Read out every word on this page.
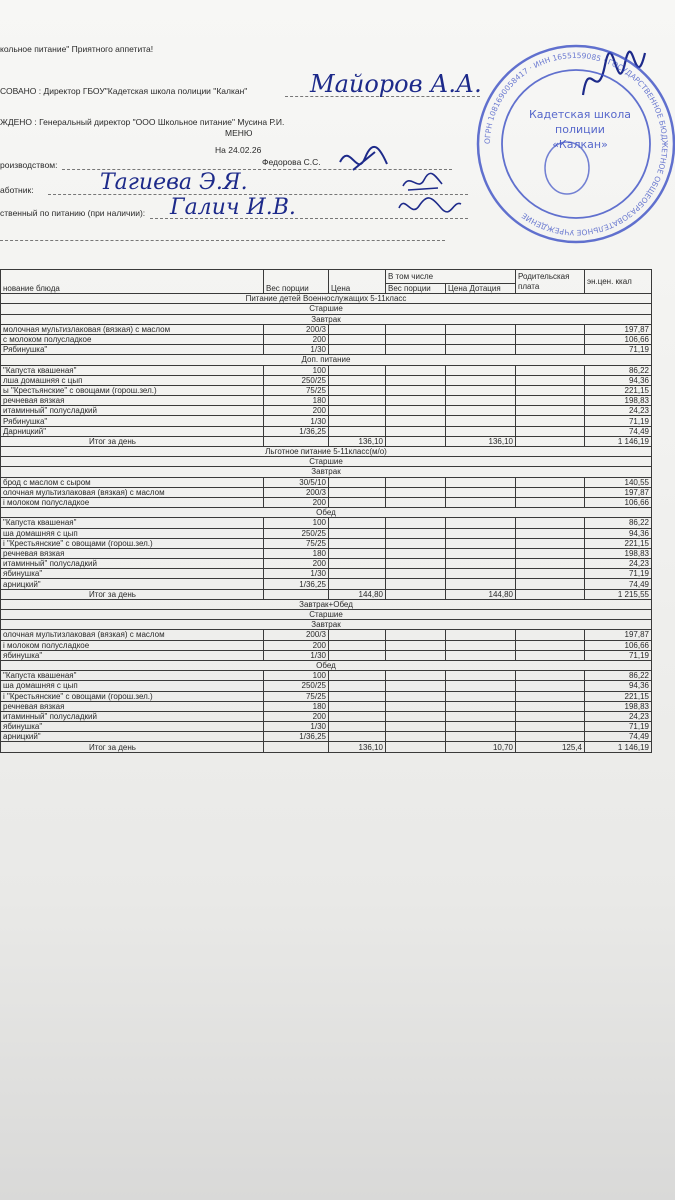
кольное питание" Приятного аппетита!
СОВАНО : Директор ГБОУ"Кадетская школа полиции "Калкан"
ЖДЕНО : Генеральный директор "ООО Школьное питание" Мусина Р.И.
МЕНЮ
На 24.02.26
роизводством:	Федорова С.С.
аботник:
ственный по питанию (при наличии):
Майоров А.А.
Тагиева Э.Я.
Галич И.В.
ОГРН 1081690058417 · ИНН 1655159085 · ГОСУДАРСТВЕННОЕ БЮДЖЕТНОЕ ОБЩЕОБРАЗОВАТЕЛЬНОЕ УЧРЕЖДЕНИЕ
Кадетская школа
полиции
«Калкан»
нование блюда	Вес порции	Цена	В том числе		Родительская плата	эн.цен. ккал
			Вес порции	Цена Дотация		
Питание детей Военнослужащих 5-11класс						
Старшие						
Завтрак						
молочная мультизлаковая (вязкая) с маслом	200/3					197,87
с молоком полусладкое	200					106,66
Рябинушка"	1/30					71,19
Доп. питание						
"Капуста квашеная"	100					86,22
лша домашняя с цып	250/25					94,36
ы "Крестьянские" с овощами (горош.зел.)	75/25					221,15
речневая вязкая	180					198,83
итаминный" полусладкий	200					24,23
Рябинушка"	1/30					71,19
Дарницкий"	1/36,25					74,49
Итог за день		136,10		136,10		1 146,19
Льготное питание 5-11класс(м/о)						
Старшие						
Завтрак						
брод с маслом с сыром	30/5/10					140,55
олочная мультизлаковая (вязкая) с маслом	200/3					197,87
і молоком полусладкое	200					106,66
Обед						
"Капуста квашеная"	100					86,22
ша домашняя с цып	250/25					94,36
і "Крестьянские" с овощами (горош.зел.)	75/25					221,15
речневая вязкая	180					198,83
итаминный" полусладкий	200					24,23
ябинушка"	1/30					71,19
арницкий"	1/36,25					74,49
Итог за день		144,80		144,80		1 215,55
Завтрак+Обед						
Старшие						
Завтрак						
олочная мультизлаковая (вязкая) с маслом	200/3					197,87
і молоком полусладкое	200					106,66
ябинушка"	1/30					71,19
Обед						
"Капуста квашеная"	100					86,22
ша домашняя с цып	250/25					94,36
і "Крестьянские" с овощами (горош.зел.)	75/25					221,15
речневая вязкая	180					198,83
итаминный" полусладкий	200					24,23
ябинушка"	1/30					71,19
арницкий"	1/36,25					74,49
Итог за день		136,10		10,70	125,4	1 146,19
